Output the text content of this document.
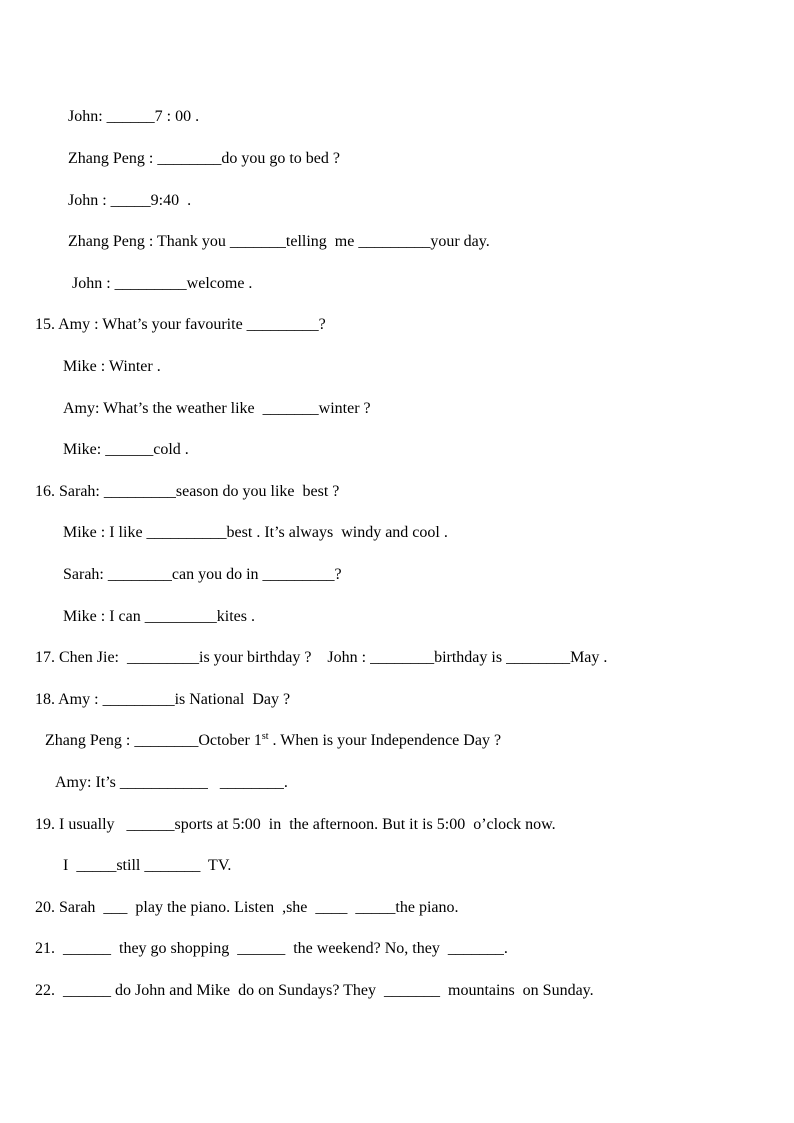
John: ______7 : 00 .
Zhang Peng : ________do you go to bed ?
John : _____9:40  .
Zhang Peng : Thank you _______telling  me _________your day.
John : _________welcome .
15. Amy : What’s your favourite _________?
Mike : Winter .
Amy: What’s the weather like  _______winter ?
Mike: ______cold .
16. Sarah: _________season do you like  best ?
Mike : I like __________best . It’s always  windy and cool .
Sarah: ________can you do in _________?
Mike : I can _________kites .
17. Chen Jie:  _________is your birthday ?    John : ________birthday is ________May .
18. Amy : _________is National  Day ?
Zhang Peng : ________October 1st . When is your Independence Day ?
Amy: It’s ___________   ________.
19. I usually   ______sports at 5:00  in  the afternoon. But it is 5:00  o’clock now.
I  _____still _______  TV.
20. Sarah  ___  play the piano. Listen  ,she  ____  _____the piano.
21.  ______  they go shopping  ______  the weekend? No, they  _______.
22.  ______ do John and Mike  do on Sundays? They  _______  mountains  on Sunday.
